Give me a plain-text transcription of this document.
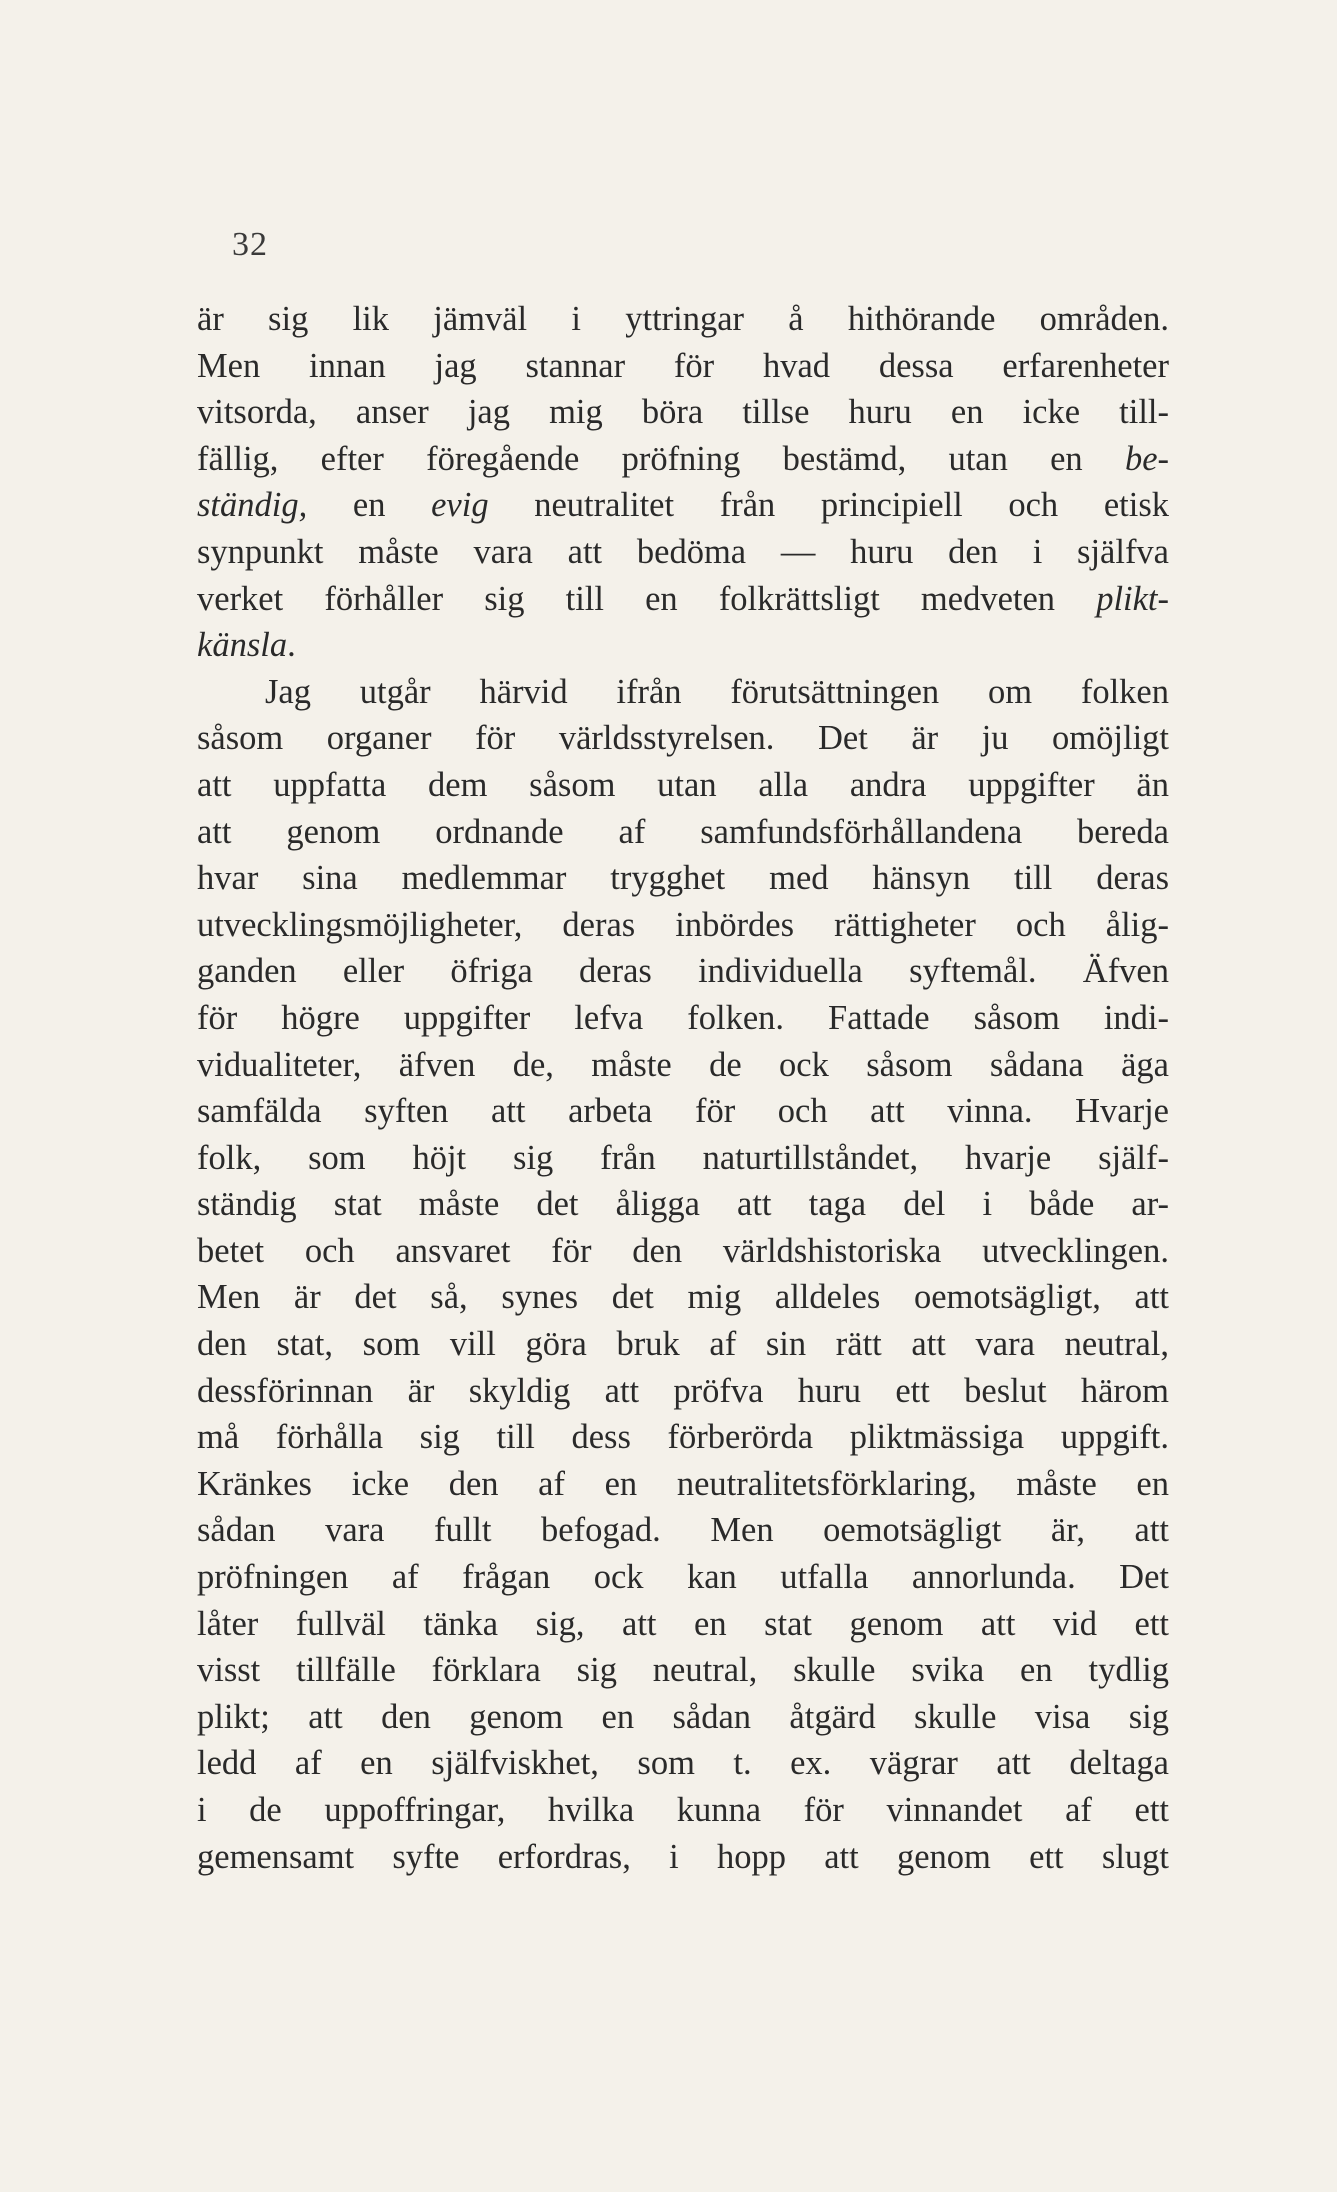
32
är sig lik jämväl i yttringar å hithörande områden.
Men innan jag stannar för hvad dessa erfarenheter
vitsorda, anser jag mig böra tillse huru en icke till-
fällig, efter föregående pröfning bestämd, utan en be-
ständig, en evig neutralitet från principiell och etisk
synpunkt måste vara att bedöma — huru den i själfva
verket förhåller sig till en folkrättsligt medveten plikt-
känsla.
Jag utgår härvid ifrån förutsättningen om folken
såsom organer för världsstyrelsen. Det är ju omöjligt
att uppfatta dem såsom utan alla andra uppgifter än
att genom ordnande af samfundsförhållandena bereda
hvar sina medlemmar trygghet med hänsyn till deras
utvecklingsmöjligheter, deras inbördes rättigheter och ålig-
ganden eller öfriga deras individuella syftemål. Äfven
för högre uppgifter lefva folken. Fattade såsom indi-
vidualiteter, äfven de, måste de ock såsom sådana äga
samfälda syften att arbeta för och att vinna. Hvarje
folk, som höjt sig från naturtillståndet, hvarje själf-
ständig stat måste det åligga att taga del i både ar-
betet och ansvaret för den världshistoriska utvecklingen.
Men är det så, synes det mig alldeles oemotsägligt, att
den stat, som vill göra bruk af sin rätt att vara neutral,
dessförinnan är skyldig att pröfva huru ett beslut härom
må förhålla sig till dess förberörda pliktmässiga uppgift.
Kränkes icke den af en neutralitetsförklaring, måste en
sådan vara fullt befogad. Men oemotsägligt är, att
pröfningen af frågan ock kan utfalla annorlunda. Det
låter fullväl tänka sig, att en stat genom att vid ett
visst tillfälle förklara sig neutral, skulle svika en tydlig
plikt; att den genom en sådan åtgärd skulle visa sig
ledd af en själfviskhet, som t. ex. vägrar att deltaga
i de uppoffringar, hvilka kunna för vinnandet af ett
gemensamt syfte erfordras, i hopp att genom ett slugt
